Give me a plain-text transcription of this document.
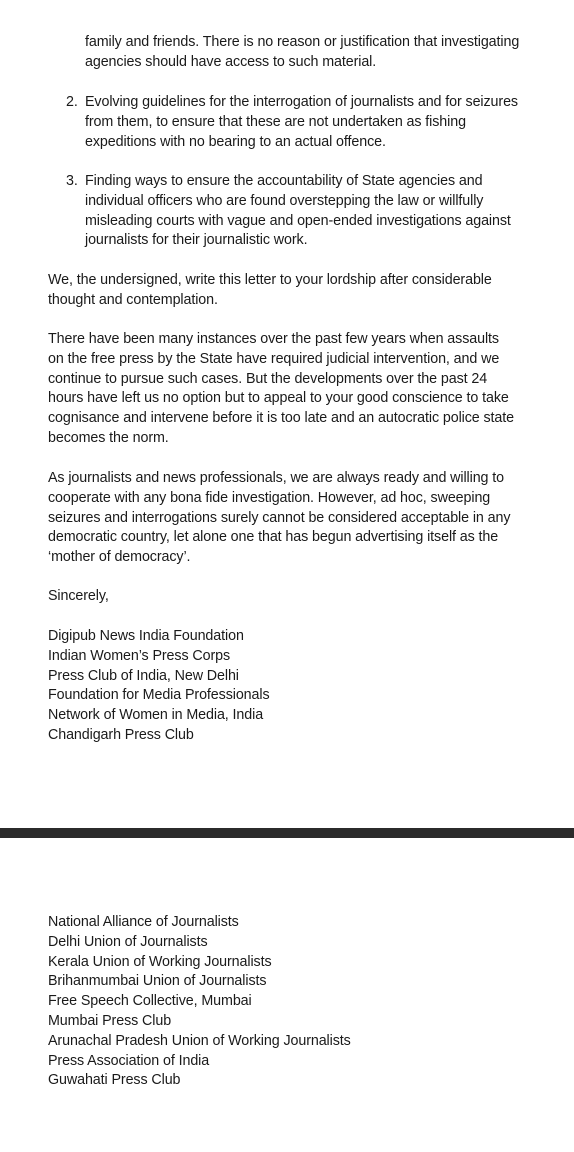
family and friends. There is no reason or justification that investigating agencies should have access to such material.

2. Evolving guidelines for the interrogation of journalists and for seizures from them, to ensure that these are not undertaken as fishing expeditions with no bearing to an actual offence.

3. Finding ways to ensure the accountability of State agencies and individual officers who are found overstepping the law or willfully misleading courts with vague and open-ended investigations against journalists for their journalistic work.

We, the undersigned, write this letter to your lordship after considerable thought and contemplation.

There have been many instances over the past few years when assaults on the free press by the State have required judicial intervention, and we continue to pursue such cases. But the developments over the past 24 hours have left us no option but to appeal to your good conscience to take cognisance and intervene before it is too late and an autocratic police state becomes the norm.

As journalists and news professionals, we are always ready and willing to cooperate with any bona fide investigation. However, ad hoc, sweeping seizures and interrogations surely cannot be considered acceptable in any democratic country, let alone one that has begun advertising itself as the ‘mother of democracy’.

Sincerely,

Digipub News India Foundation
Indian Women’s Press Corps
Press Club of India, New Delhi
Foundation for Media Professionals
Network of Women in Media, India
Chandigarh Press Club
National Alliance of Journalists
Delhi Union of Journalists
Kerala Union of Working Journalists
Brihanmumbai Union of Journalists
Free Speech Collective, Mumbai
Mumbai Press Club
Arunachal Pradesh Union of Working Journalists
Press Association of India
Guwahati Press Club
